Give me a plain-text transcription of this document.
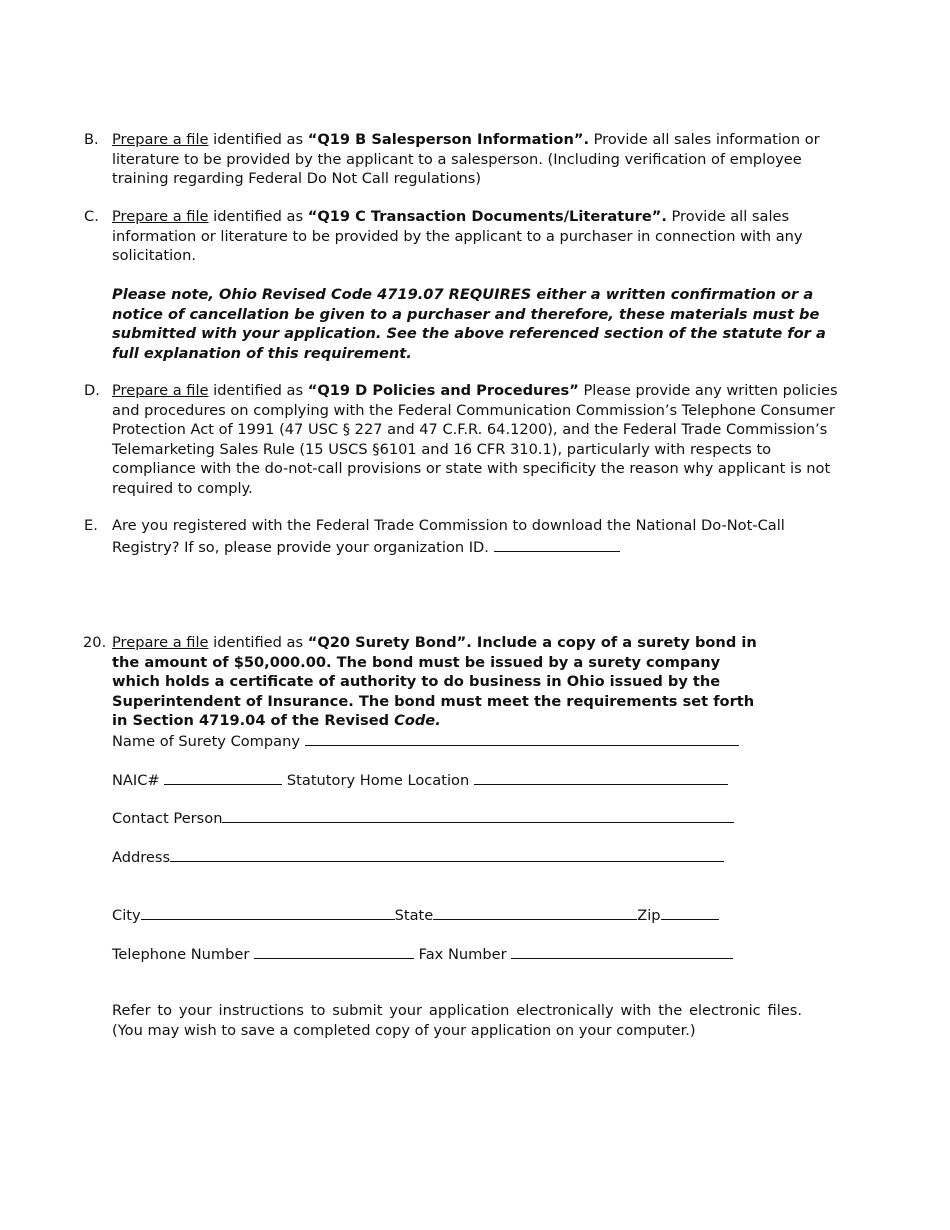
B. Prepare a file identified as “Q19 B Salesperson Information”. Provide all sales information or literature to be provided by the applicant to a salesperson. (Including verification of employee training regarding Federal Do Not Call regulations)
C. Prepare a file identified as “Q19 C Transaction Documents/Literature”. Provide all sales information or literature to be provided by the applicant to a purchaser in connection with any solicitation.
Please note, Ohio Revised Code 4719.07 REQUIRES either a written confirmation or a notice of cancellation be given to a purchaser and therefore, these materials must be submitted with your application. See the above referenced section of the statute for a full explanation of this requirement.
D. Prepare a file identified as “Q19 D Policies and Procedures” Please provide any written policies and procedures on complying with the Federal Communication Commission’s Telephone Consumer Protection Act of 1991 (47 USC § 227 and 47 C.F.R. 64.1200), and the Federal Trade Commission’s Telemarketing Sales Rule (15 USCS §6101 and 16 CFR 310.1), particularly with respects to compliance with the do-not-call provisions or state with specificity the reason why applicant is not required to comply.
E. Are you registered with the Federal Trade Commission to download the National Do-Not-Call Registry? If so, please provide your organization ID.
20. Prepare a file identified as “Q20 Surety Bond”. Include a copy of a surety bond in the amount of $50,000.00. The bond must be issued by a surety company which holds a certificate of authority to do business in Ohio issued by the Superintendent of Insurance. The bond must meet the requirements set forth in Section 4719.04 of the Revised Code.
Name of Surety Company
NAIC#	Statutory Home Location
Contact Person
Address
City	State	Zip
Telephone Number	Fax Number
Refer to your instructions to submit your application electronically with the electronic files. (You may wish to save a completed copy of your application on your computer.)
